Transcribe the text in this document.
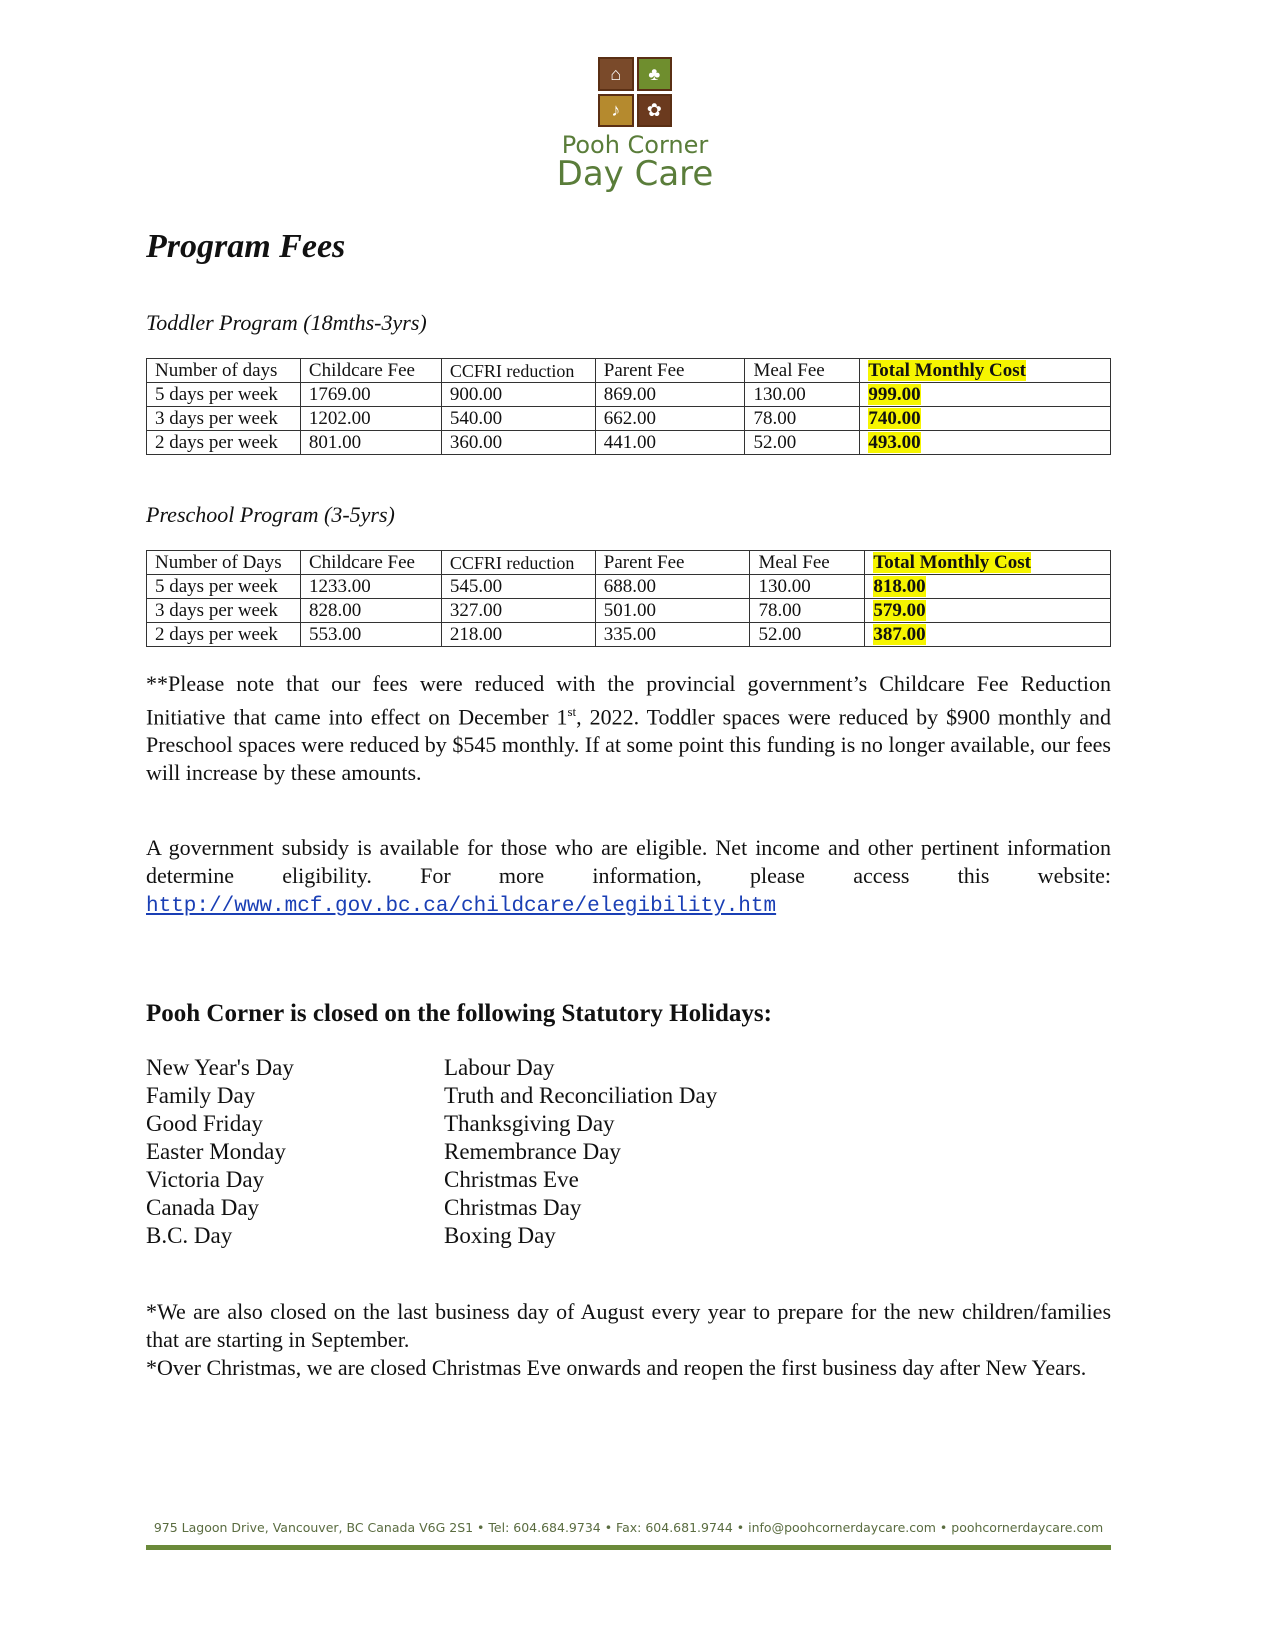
⌂	♣
♪	✿
Pooh Corner
Day Care
Program Fees

Toddler Program (18mths-3yrs)

Number of days	Childcare Fee	CCFRI reduction	Parent Fee	Meal Fee	Total Monthly Cost
5 days per week	1769.00	900.00	869.00	130.00	999.00
3 days per week	1202.00	540.00	662.00	78.00	740.00
2 days per week	801.00	360.00	441.00	52.00	493.00

Preschool Program (3-5yrs)

Number of Days	Childcare Fee	CCFRI reduction	Parent Fee	Meal Fee	Total Monthly Cost
5 days per week	1233.00	545.00	688.00	130.00	818.00
3 days per week	828.00	327.00	501.00	78.00	579.00
2 days per week	553.00	218.00	335.00	52.00	387.00

**Please note that our fees were reduced with the provincial government’s Childcare Fee Reduction Initiative that came into effect on December 1st, 2022. Toddler spaces were reduced by $900 monthly and Preschool spaces were reduced by $545 monthly. If at some point this funding is no longer available, our fees will increase by these amounts.

A government subsidy is available for those who are eligible. Net income and other pertinent information determine eligibility. For more information, please access this website: http://www.mcf.gov.bc.ca/childcare/elegibility.htm

Pooh Corner is closed on the following Statutory Holidays:
New Year's Day
Family Day
Good Friday
Easter Monday
Victoria Day
Canada Day
B.C. Day
Labour Day
Truth and Reconciliation Day
Thanksgiving Day
Remembrance Day
Christmas Eve
Christmas Day
Boxing Day

*We are also closed on the last business day of August every year to prepare for the new children/families that are starting in September.

*Over Christmas, we are closed Christmas Eve onwards and reopen the first business day after New Years.

975 Lagoon Drive, Vancouver, BC Canada V6G 2S1 • Tel: 604.684.9734 • Fax: 604.681.9744 • info@poohcornerdaycare.com • poohcornerdaycare.com
